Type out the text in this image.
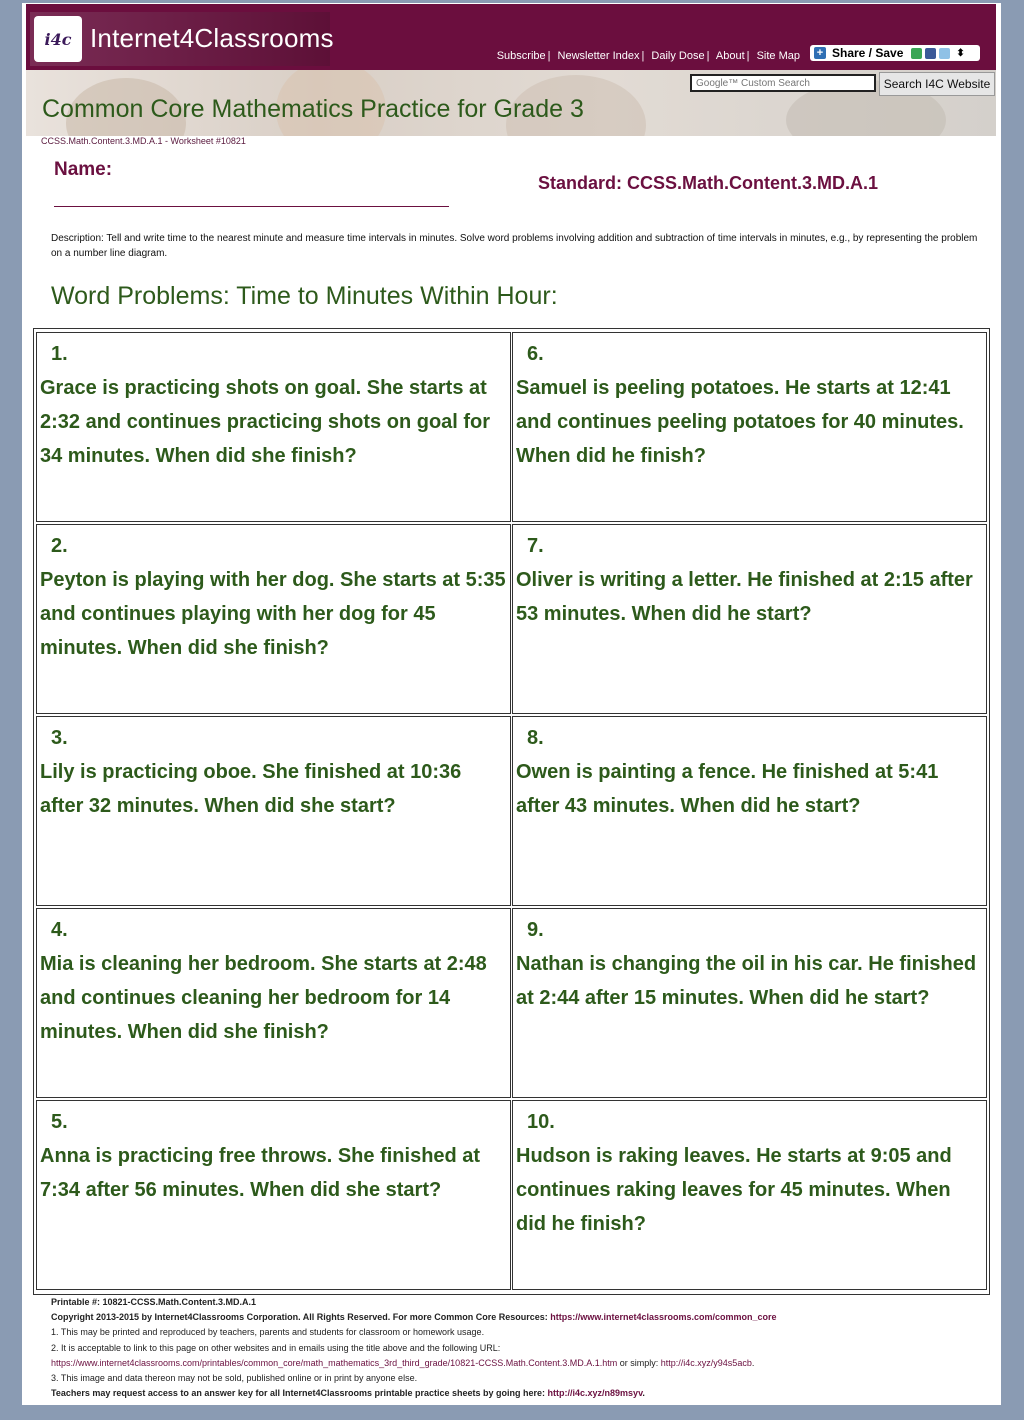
i4c Internet4Classrooms
Subscribe | Newsletter Index | Daily Dose | About | Site Map + Share / Save	⬍
Google™ Custom Search
Search I4C Website
Common Core Mathematics Practice for Grade 3
CCSS.Math.Content.3.MD.A.1 - Worksheet #10821
Name:
Standard: CCSS.Math.Content.3.MD.A.1
Description: Tell and write time to the nearest minute and measure time intervals in minutes. Solve word problems involving addition and subtraction of time intervals in minutes, e.g., by representing the problem on a number line diagram.
Word Problems: Time to Minutes Within Hour:
1.
Grace is practicing shots on goal. She starts at 2:32 and continues practicing shots on goal for 34 minutes. When did she finish?
2.
Peyton is playing with her dog. She starts at 5:35 and continues playing with her dog for 45 minutes. When did she finish?
3.
Lily is practicing oboe. She finished at 10:36 after 32 minutes. When did she start?
4.
Mia is cleaning her bedroom. She starts at 2:48 and continues cleaning her bedroom for 14 minutes. When did she finish?
5.
Anna is practicing free throws. She finished at 7:34 after 56 minutes. When did she start?
6.
Samuel is peeling potatoes. He starts at 12:41 and continues peeling potatoes for 40 minutes. When did he finish?
7.
Oliver is writing a letter. He finished at 2:15 after 53 minutes. When did he start?
8.
Owen is painting a fence. He finished at 5:41 after 43 minutes. When did he start?
9.
Nathan is changing the oil in his car. He finished at 2:44 after 15 minutes. When did he start?
10.
Hudson is raking leaves. He starts at 9:05 and continues raking leaves for 45 minutes. When did he finish?
Printable #: 10821-CCSS.Math.Content.3.MD.A.1
Copyright 2013-2015 by Internet4Classrooms Corporation. All Rights Reserved. For more Common Core Resources: https://www.internet4classrooms.com/common_core
1. This may be printed and reproduced by teachers, parents and students for classroom or homework usage.
2. It is acceptable to link to this page on other websites and in emails using the title above and the following URL:
https://www.internet4classrooms.com/printables/common_core/math_mathematics_3rd_third_grade/10821-CCSS.Math.Content.3.MD.A.1.htm or simply: http://i4c.xyz/y94s5acb.
3. This image and data thereon may not be sold, published online or in print by anyone else.
Teachers may request access to an answer key for all Internet4Classrooms printable practice sheets by going here: http://i4c.xyz/n89msyv.
